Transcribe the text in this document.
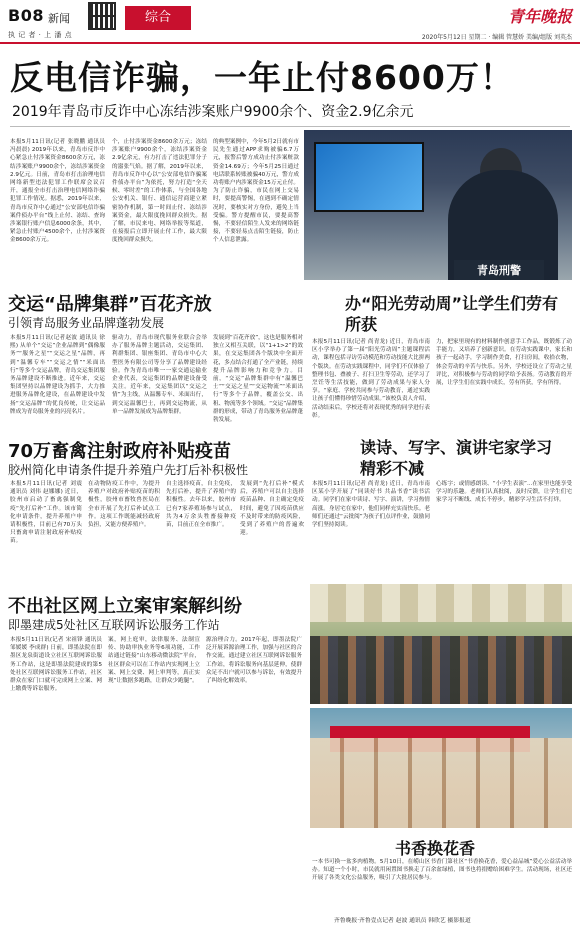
B08 新闻	综合	青年晚报
执 记 者 · 上 潘 点	2020年5月12日 星期二 · 编辑 管慧娇 美编/组版 刘英杰
反电信诈骗，一年止付8600万！
2019年青岛市反诈中心冻结涉案账户9900余个、资金2.9亿余元
本报5月11日讯(记者 张晓鹏 通讯员 冯晨晨) 2019年以来，青岛市反诈中心紧急止付涉案资金8600余万元，冻结涉案账户9900余个，冻结涉案资金2.9亿元。日前，青岛市打击治理电信网络新型违法犯罪工作联席会议召开，通报全市打击治理电信网络诈骗犯罪工作情况。据悉，2019年以来，青岛市反诈中心通过“公安部电信诈骗案件侦办平台”线上止付、冻结、查询涉案银行账户信息6000余条，其中，紧急止付账户4500余个，止付涉案资金8600余万元。
个，止付涉案资金8600余万元；冻结涉案账户9900余个，冻结涉案资金2.9亿余元，有力打击了违法犯罪分子的嚣张气焰。据了解，2019年以来，青岛市反诈中心以“公安部电信诈骗案件侦办平台”为依托，努力打造“全天候、零时差”的工作体系，与全国各地公安机关、银行、通信运营商建立紧密协作机制，第一时间止付、冻结涉案资金，最大限度挽回群众损失。据了解，市民来电、网络举报等渠道，在接报后立即开展止付工作，最大限度挽回群众损失。
的典型案例中，今年5月2日就有市民先生通过APP求购被骗6.7万元，报警后警方成功止付涉案赃款资金14.69万；今年5月25日通过电话联系转账被骗40万元，警方成功将账户内涉案资金15万元止付。为了防止诈骗，市民在网上交易时，要提高警惕，在遇到不确定情况时，要核实对方身份，避免上当受骗。警方提醒市民，要提高警惕，不要轻信陌生人发来的网络链接，不要轻易点击陌生链接，防止个人信息泄露。
青岛刑警
交运“品牌集群”百花齐放
引领青岛服务业品牌蓬勃发展
本报5月11日讯(记者赵波 通讯员 徐熙) 从单个“交运”企业品牌到“偶像服务”“服务之星”“交运之星”品牌，再到“温馨专车”“交运之情”“米面出行”等多个交运品牌，青岛交运集团服务品牌建设不断推进。近年来，交运集团坚持以品牌建设为抓手，大力推进服务品牌化建设，在品牌建设中发扬“交运品牌”的优良传统，让交运品牌成为青岛服务业的闪亮名片。
驱动力，青岛市现代服务业联合会举办了服务品牌主题活动，交运集团、利群集团、银座集团、青岛市中心大型医务有限公司等分享了品牌建设经验。作为青岛市唯一一家交通运输业企业代表，交运集团的品牌建设备受关注。近年来，交运集团以“交运之情”为主线，从温馨专车、米面出行，到交运温馨巴士，再到交运物流，从单一品牌发展成为品牌集群。
发展到“百花齐放”，这也是服务相对独立又相互关联，以“1+1>2”的效果，在交运集团各个版块中全面开花，多点结合打通了全产业链，持续提升品牌影响力和竞争力。目前，“交运”品牌集群中有“温馨巴士”“交运之星”“交运物流”“米面出行”等多个子品牌，覆盖公交、出租、物流等多个领域。“交运”品牌集群的形成，带动了青岛服务业品牌蓬勃发展。
办“阳光劳动周”让学生们劳有所获
本报5月11日讯(记者 尚青龙) 近日，青岛市南区小学举办了第一届“阳光劳动周”主题课程活动，课程包括寻访劳动模范和劳动技能大比拼两个版块。在劳动实践课程中，同学们不仅体验了整理书包、叠被子、打扫卫生等劳动，还学习了烹饪等生活技能，做到了劳动成果与家人分享。“家庭、学校共同参与劳动教育，通过实践让孩子们懂得珍惜劳动成果。”该校负责人介绍，活动结束后，学校还将对表现优秀的同学进行表彰。
力，把家里现有的材料制作创意手工作品，既锻炼了动手能力，又培养了创新意识。在劳动实践课中，家长和孩子一起动手，学习制作美食，打扫房间，收拾衣物，体会劳动的辛苦与快乐。另外，学校还设立了劳动之星评比，对积极参与劳动的同学给予表扬。劳动教育的开展，让学生们在实践中成长，劳有所获，学有所得。
读诗、写字、演讲宅家学习精彩不减
本报5月11日讯(记者 尚青龙) 近日，青岛市南区某小学开展了“同读好书 共品书香”读书活动。同学们在家中读诗、写字、演讲，学习热情高涨。身居宅在家中，他们同样充实而快乐。老师们还通过“云批阅”为孩子们点评作业，鼓励同学们坚持阅读。
心练字；或情感朗读、“小学生表演”...在家里也能享受学习的乐趣。老师们认真批阅，及时反馈，让学生们宅家学习不断线、成长不停步，精彩学习生活不打烊。
70万畜禽注射政府补贴疫苗
胶州简化申请条件提升养殖户先打后补积极性
本报5月11日讯(记者 刘震 通讯员 刘伟 赵娜娜) 近日，胶州市启动了畜禽强制免疫“先打后补”工作。该市简化申请条件，提升养殖户申请积极性，目前已有70万头只畜禽申请注射政府补贴疫苗。
在动物防疫工作中，为提升养殖户对政府补贴疫苗的积极性，胶州市畜牧兽医局在全市开展了先打后补试点工作。这项工作既能减轻政府负担，又能方便养殖户。
自主选择疫苗，自主免疫，先打后补，提升了养殖户的积极性。去年以来，胶州市已有7家养殖场参与试点，共为4万余头牲畜接种疫苗，目前正在全市推广。
发展到“先打后补”模式后，养殖户可以自主选择疫苗品种、自主确定免疫时间，避免了因疫苗供应不及时带来的防疫风险，受到了养殖户的普遍欢迎。
不出社区网上立案审案解纠纷
即墨建成5处社区互联网诉讼服务工作站
本报5月11日讯(记者 宋祖锋 通讯员 邹媛媛 李成群) 日前，即墨法院在即墨区龙泉街道设立社区互联网诉讼服务工作站，这是即墨法院建成的第5处社区互联网诉讼服务工作站，社区群众在家门口就可完成网上立案、网上缴费等诉讼服务。
案，网上庭审，法律服务、法制宣传、协助审执业务等6项功能，工作站通过链接“山东移动微法院”平台，社区群众可以在工作站内实现网上立案、网上交费、网上审判等，真正实现“让数据多跑路，让群众少跑腿”。
源治理合力。2017年起，即墨法院广泛开展诉源治理工作，加强与社区的合作交流，通过建立社区互联网诉讼服务工作站，将诉讼服务向基层延伸，使群众足不出户就可以参与诉讼，有效提升了纠纷化解效率。
书香换花香
一本书可换一盆多肉植物。5月10日，在崂山区书香门第社区“书香换花香，爱心益品城”爱心公益活动举办。知道一个小时，市民就用闲置图书换走了百余盆绿植，图书也将捐赠给困难学生。活动现场，社区还开展了各类文化公益服务，吸引了大批居民参与。
齐鲁晚报·齐鲁壹点记者 赵波 通讯员 韩欣艺 摄影报道
